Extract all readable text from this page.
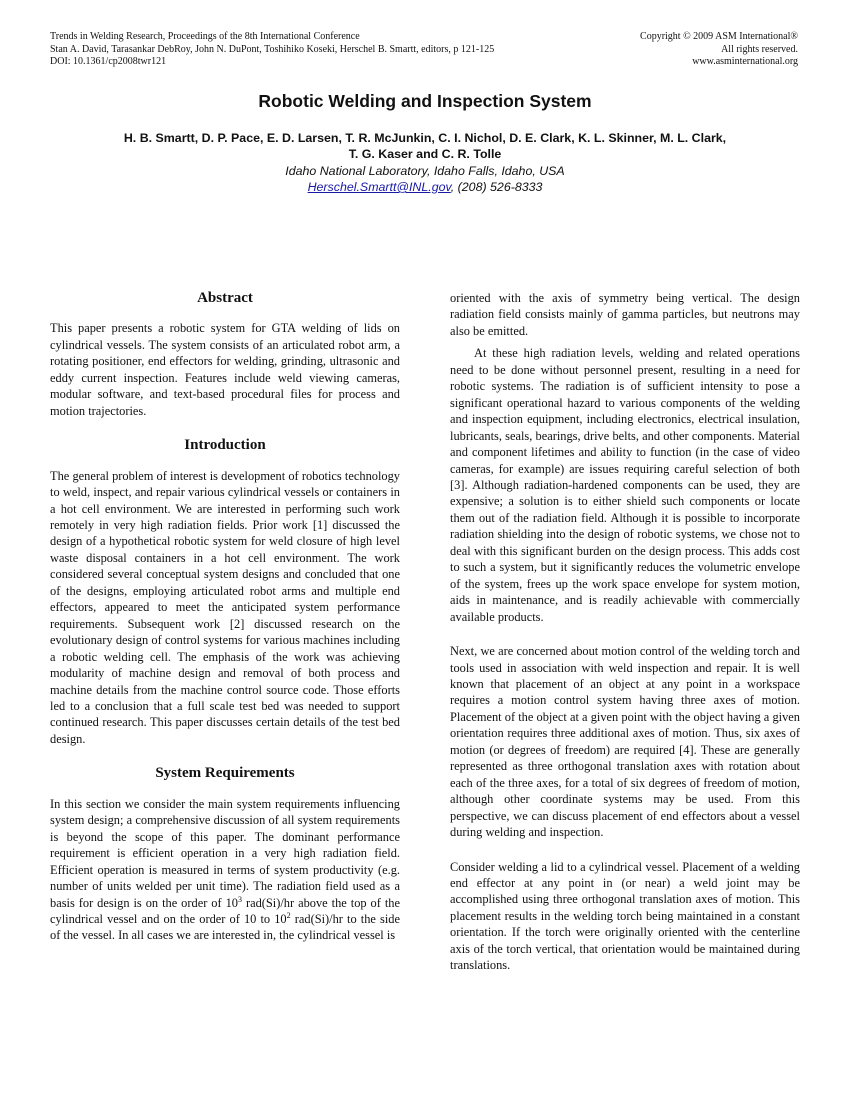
Trends in Welding Research, Proceedings of the 8th International Conference
Stan A. David, Tarasankar DebRoy, John N. DuPont, Toshihiko Koseki, Herschel B. Smartt, editors, p 121-125
DOI: 10.1361/cp2008twr121
Copyright © 2009 ASM International®
All rights reserved.
www.asminternational.org
Robotic Welding and Inspection System
H. B. Smartt, D. P. Pace, E. D. Larsen, T. R. McJunkin, C. I. Nichol, D. E. Clark, K. L. Skinner, M. L. Clark,
T. G. Kaser and C. R. Tolle
Idaho National Laboratory, Idaho Falls, Idaho, USA
Herschel.Smartt@INL.gov, (208) 526-8333
Abstract

This paper presents a robotic system for GTA welding of lids on cylindrical vessels. The system consists of an articulated robot arm, a rotating positioner, end effectors for welding, grinding, ultrasonic and eddy current inspection. Features include weld viewing cameras, modular software, and text-based procedural files for process and motion trajectories.

Introduction

The general problem of interest is development of robotics technology to weld, inspect, and repair various cylindrical vessels or containers in a hot cell environment. We are interested in performing such work remotely in very high radiation fields. Prior work [1] discussed the design of a hypothetical robotic system for weld closure of high level waste disposal containers in a hot cell environment. The work considered several conceptual system designs and concluded that one of the designs, employing articulated robot arms and multiple end effectors, appeared to meet the anticipated system performance requirements. Subsequent work [2] discussed research on the evolutionary design of control systems for various machines including a robotic welding cell. The emphasis of the work was achieving modularity of machine design and removal of both process and machine details from the machine control source code. Those efforts led to a conclusion that a full scale test bed was needed to support continued research. This paper discusses certain details of the test bed design.

System Requirements

In this section we consider the main system requirements influencing system design; a comprehensive discussion of all system requirements is beyond the scope of this paper. The dominant performance requirement is efficient operation in a very high radiation field. Efficient operation is measured in terms of system productivity (e.g. number of units welded per unit time). The radiation field used as a basis for design is on the order of $10^3$ rad(Si)/hr above the top of the cylindrical vessel and on the order of 10 to $10^2$ rad(Si)/hr to the side of the vessel. In all cases we are interested in, the cylindrical vessel is

oriented with the axis of symmetry being vertical. The design radiation field consists mainly of gamma particles, but neutrons may also be emitted.

At these high radiation levels, welding and related operations need to be done without personnel present, resulting in a need for robotic systems. The radiation is of sufficient intensity to pose a significant operational hazard to various components of the welding and inspection equipment, including electronics, electrical insulation, lubricants, seals, bearings, drive belts, and other components. Material and component lifetimes and ability to function (in the case of video cameras, for example) are issues requiring careful selection of both [3]. Although radiation-hardened components can be used, they are expensive; a solution is to either shield such components or locate them out of the radiation field. Although it is possible to incorporate radiation shielding into the design of robotic systems, we chose not to deal with this significant burden on the design process. This adds cost to such a system, but it significantly reduces the volumetric envelope of the system, frees up the work space envelope for system motion, aids in maintenance, and is readily achievable with commercially available products.

Next, we are concerned about motion control of the welding torch and tools used in association with weld inspection and repair. It is well known that placement of an object at any point in a workspace requires a motion control system having three axes of motion. Placement of the object at a given point with the object having a given orientation requires three additional axes of motion. Thus, six axes of motion (or degrees of freedom) are required [4]. These are generally represented as three orthogonal translation axes with rotation about each of the three axes, for a total of six degrees of freedom of motion, although other coordinate systems may be used. From this perspective, we can discuss placement of end effectors about a vessel during welding and inspection.

Consider welding a lid to a cylindrical vessel. Placement of a welding end effector at any point in (or near) a weld joint may be accomplished using three orthogonal translation axes of motion. This placement results in the welding torch being maintained in a constant orientation. If the torch were originally oriented with the centerline axis of the torch vertical, that orientation would be maintained during translations.
